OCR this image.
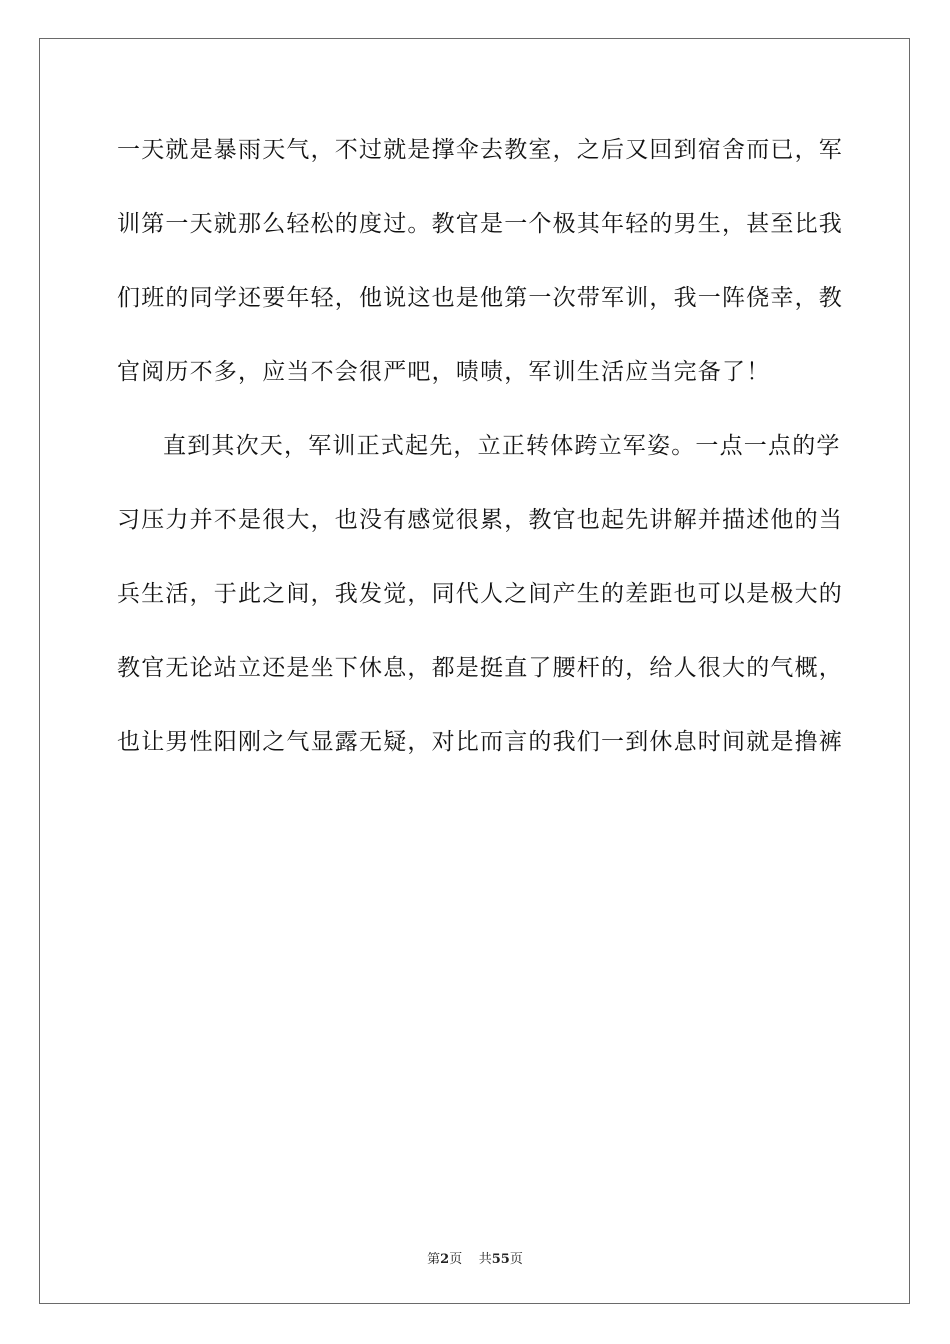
一天就是暴雨天气，不过就是撑伞去教室，之后又回到宿舍而已，军
训第一天就那么轻松的度过。教官是一个极其年轻的男生，甚至比我
们班的同学还要年轻，他说这也是他第一次带军训，我一阵侥幸，教
官阅历不多，应当不会很严吧，啧啧，军训生活应当完备了！
直到其次天，军训正式起先，立正转体跨立军姿。一点一点的学
习压力并不是很大，也没有感觉很累，教官也起先讲解并描述他的当
兵生活，于此之间，我发觉，同代人之间产生的差距也可以是极大的
教官无论站立还是坐下休息，都是挺直了腰杆的，给人很大的气概，
也让男性阳刚之气显露无疑，对比而言的我们一到休息时间就是撸裤
第2页 共55页
